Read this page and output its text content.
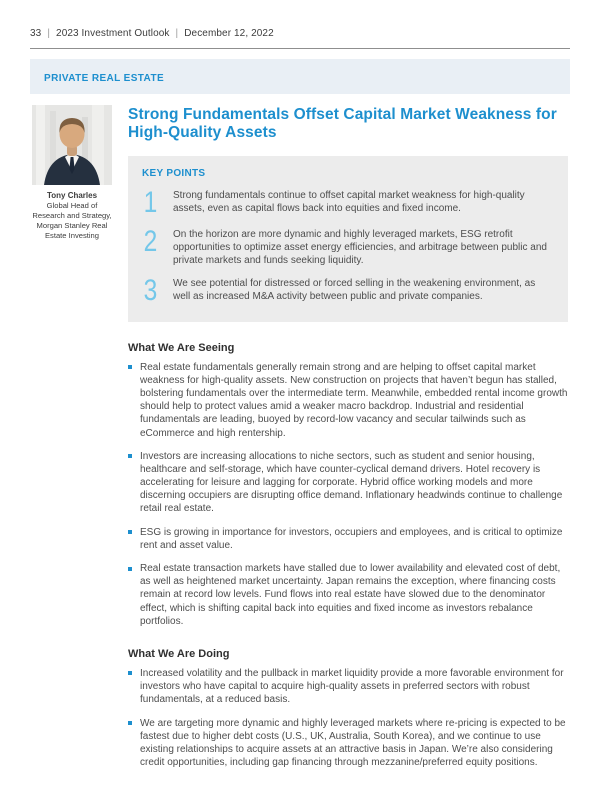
33 | 2023 Investment Outlook | December 12, 2022
PRIVATE REAL ESTATE
Tony Charles
Global Head of Research and Strategy, Morgan Stanley Real Estate Investing
Strong Fundamentals Offset Capital Market Weakness for High-Quality Assets
KEY POINTS
1 Strong fundamentals continue to offset capital market weakness for high-quality assets, even as capital flows back into equities and fixed income.
2 On the horizon are more dynamic and highly leveraged markets, ESG retrofit opportunities to optimize asset energy efficiencies, and arbitrage between public and private markets and funds seeking liquidity.
3 We see potential for distressed or forced selling in the weakening environment, as well as increased M&A activity between public and private companies.
What We Are Seeing
Real estate fundamentals generally remain strong and are helping to offset capital market weakness for high-quality assets. New construction on projects that haven’t begun has stalled, bolstering fundamentals over the intermediate term. Meanwhile, embedded rental income growth should help to protect values amid a weaker macro backdrop. Industrial and residential fundamentals are leading, buoyed by record-low vacancy and secular tailwinds such as eCommerce and high rentership.
Investors are increasing allocations to niche sectors, such as student and senior housing, healthcare and self-storage, which have counter-cyclical demand drivers. Hotel recovery is accelerating for leisure and lagging for corporate. Hybrid office working models and more discerning occupiers are disrupting office demand. Inflationary headwinds continue to challenge retail real estate.
ESG is growing in importance for investors, occupiers and employees, and is critical to optimize rent and asset value.
Real estate transaction markets have stalled due to lower availability and elevated cost of debt, as well as heightened market uncertainty. Japan remains the exception, where financing costs remain at record low levels. Fund flows into real estate have slowed due to the denominator effect, which is shifting capital back into equities and fixed income as investors rebalance portfolios.
What We Are Doing
Increased volatility and the pullback in market liquidity provide a more favorable environment for investors who have capital to acquire high-quality assets in preferred sectors with robust fundamentals, at a reduced basis.
We are targeting more dynamic and highly leveraged markets where re-pricing is expected to be fastest due to higher debt costs (U.S., UK, Australia, South Korea), and we continue to use existing relationships to acquire assets at an attractive basis in Japan. We’re also considering credit opportunities, including gap financing through mezzanine/preferred equity positions.
